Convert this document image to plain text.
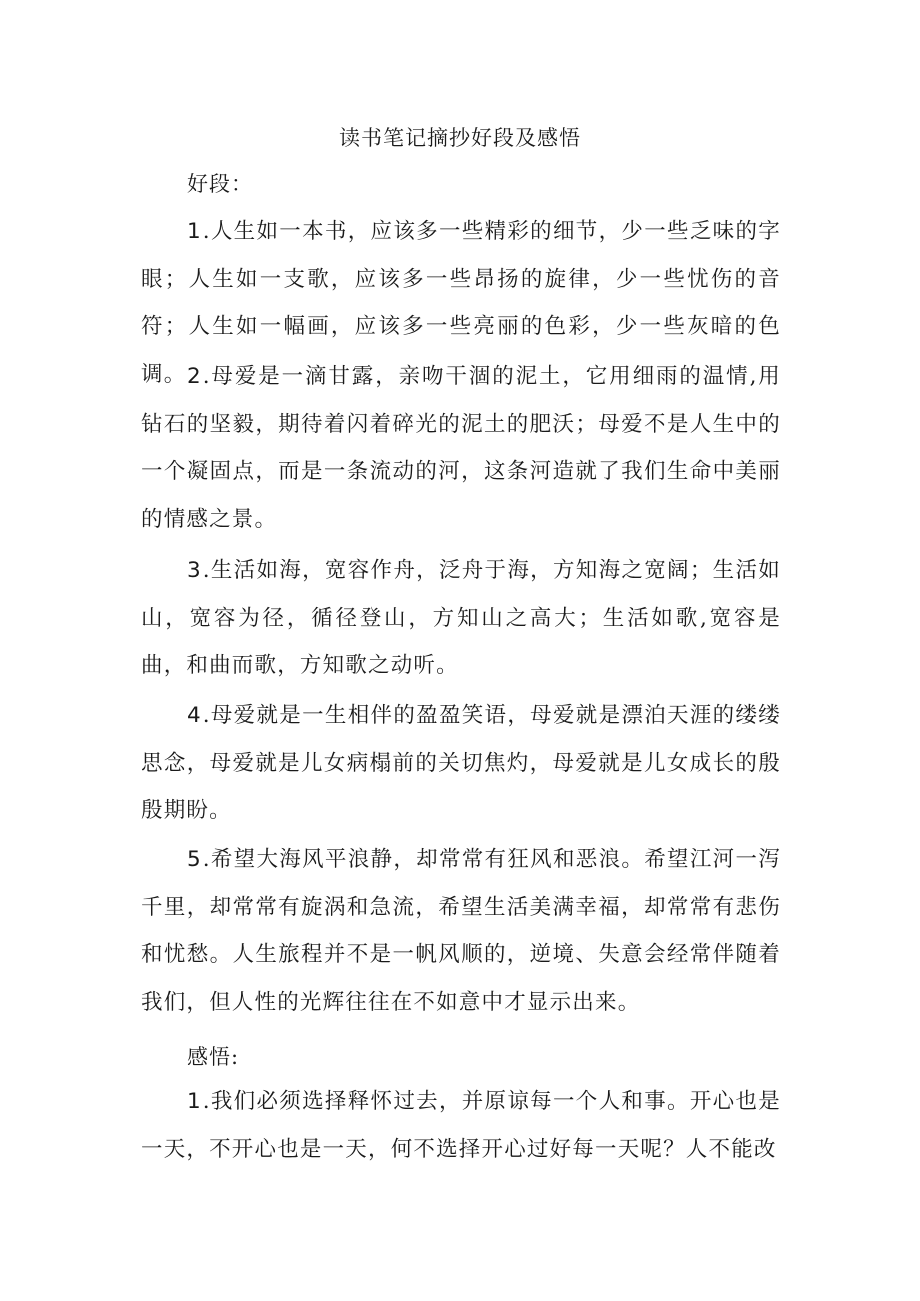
读书笔记摘抄好段及感悟
好段：
1.人生如一本书，应该多一些精彩的细节，少一些乏味的字眼；人生如一支歌，应该多一些昂扬的旋律，少一些忧伤的音符；人生如一幅画，应该多一些亮丽的色彩，少一些灰暗的色调。 2.母爱是一滴甘露，亲吻干涸的泥土，它用细雨的温情,用钻石的坚毅，期待着闪着碎光的泥土的肥沃；母爱不是人生中的一个凝固点，而是一条流动的河，这条河造就了我们生命中美丽的情感之景。
3.生活如海，宽容作舟，泛舟于海，方知海之宽阔；生活如山，宽容为径，循径登山，方知山之高大；生活如歌,宽容是曲，和曲而歌，方知歌之动听。
4.母爱就是一生相伴的盈盈笑语，母爱就是漂泊天涯的缕缕思念，母爱就是儿女病榻前的关切焦灼，母爱就是儿女成长的殷殷期盼。
5.希望大海风平浪静，却常常有狂风和恶浪。希望江河一泻千里，却常常有旋涡和急流，希望生活美满幸福，却常常有悲伤和忧愁。人生旅程并不是一帆风顺的，逆境、失意会经常伴随着我们，但人性的光辉往往在不如意中才显示出来。
感悟:
1.我们必须选择释怀过去，并原谅每一个人和事。开心也是一天，不开心也是一天，何不选择开心过好每一天呢？人不能改
